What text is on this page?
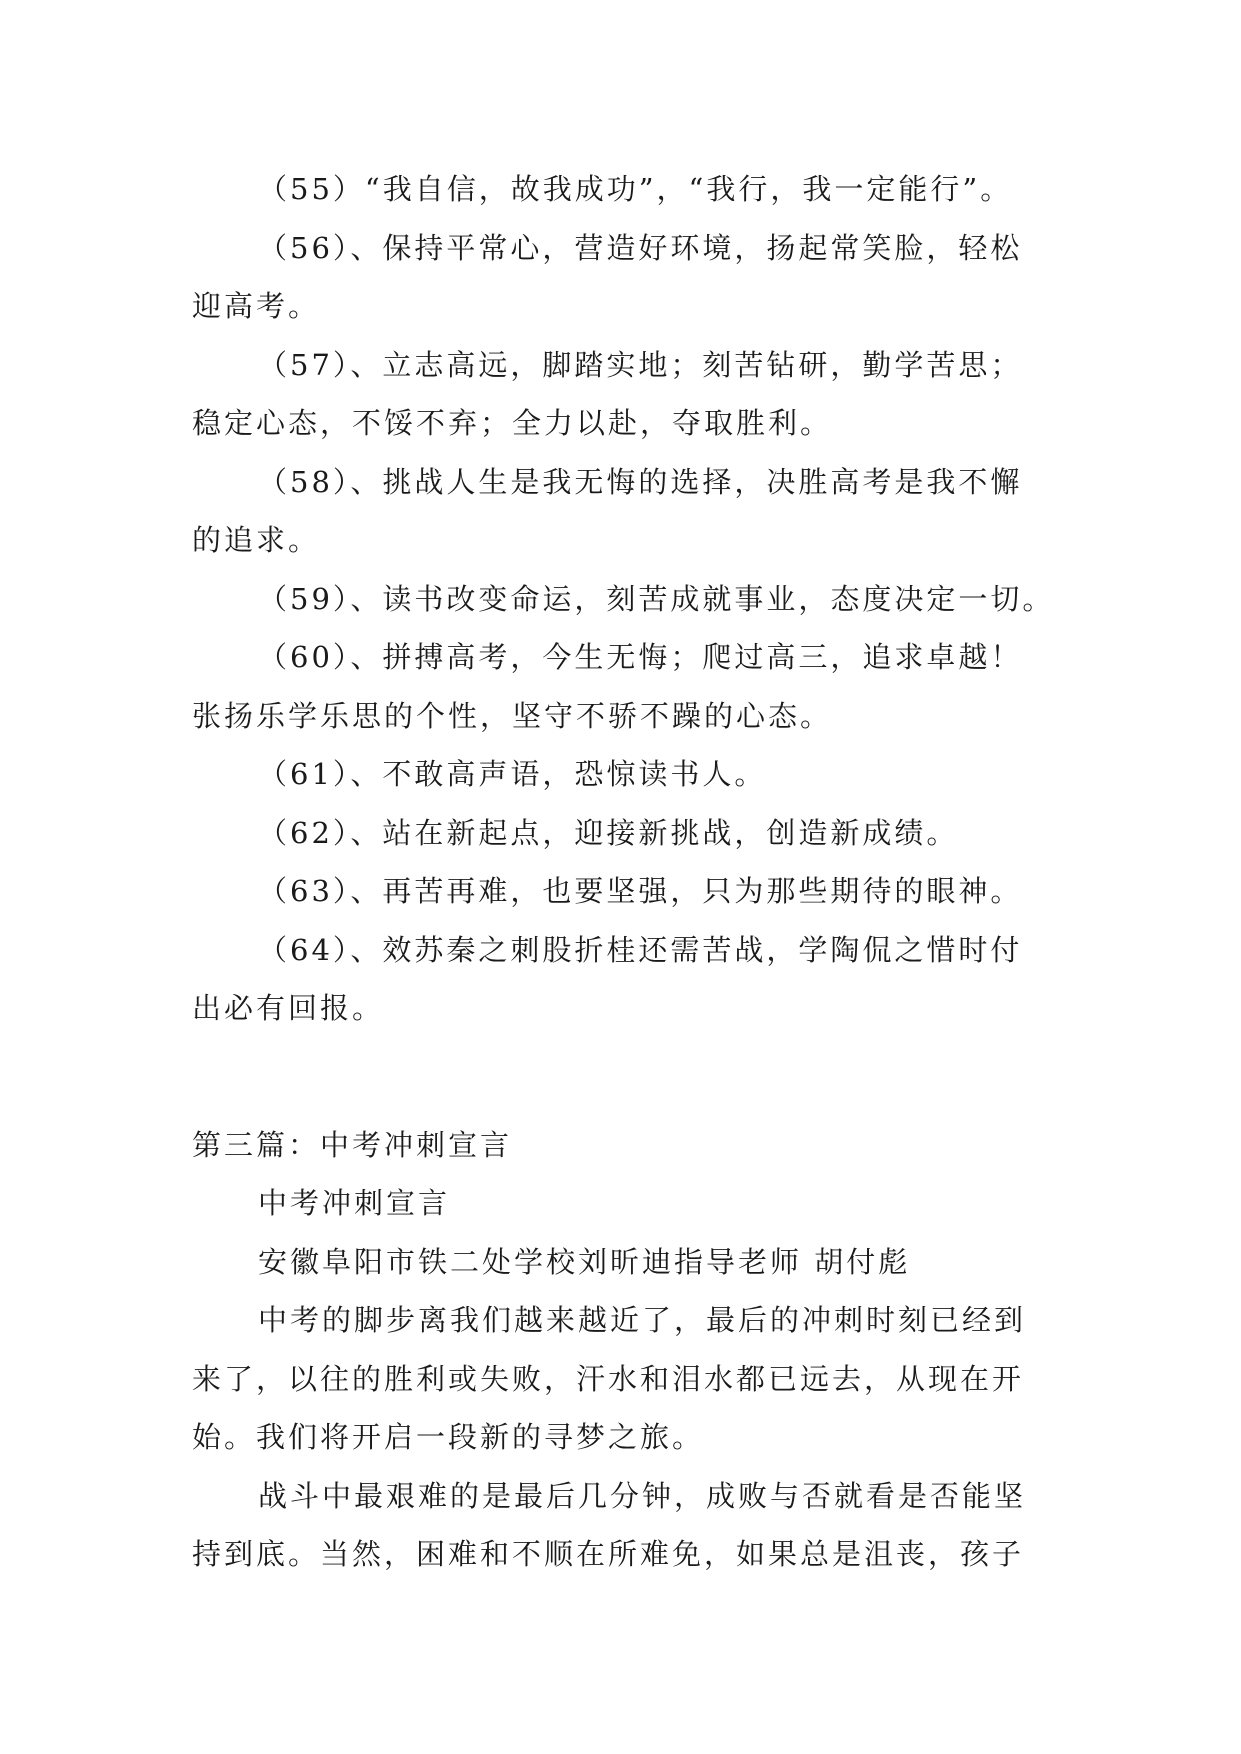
（55）“我自信，故我成功”，“我行，我一定能行”。

（56）、保持平常心，营造好环境，扬起常笑脸，轻松

迎高考。

（57）、立志高远，脚踏实地；刻苦钻研，勤学苦思；

稳定心态，不馁不弃；全力以赴，夺取胜利。

（58）、挑战人生是我无悔的选择，决胜高考是我不懈

的追求。

（59）、读书改变命运，刻苦成就事业，态度决定一切。

（60）、拼搏高考，今生无悔；爬过高三，追求卓越！

张扬乐学乐思的个性，坚守不骄不躁的心态。

（61）、不敢高声语，恐惊读书人。

（62）、站在新起点，迎接新挑战，创造新成绩。

（63）、再苦再难，也要坚强，只为那些期待的眼神。

（64）、效苏秦之刺股折桂还需苦战，学陶侃之惜时付

出必有回报。

第三篇：中考冲刺宣言

中考冲刺宣言

安徽阜阳市铁二处学校刘昕迪指导老师 胡付彪

中考的脚步离我们越来越近了，最后的冲刺时刻已经到

来了，以往的胜利或失败，汗水和泪水都已远去，从现在开

始。我们将开启一段新的寻梦之旅。

战斗中最艰难的是最后几分钟，成败与否就看是否能坚

持到底。当然，困难和不顺在所难免，如果总是沮丧，孩子
